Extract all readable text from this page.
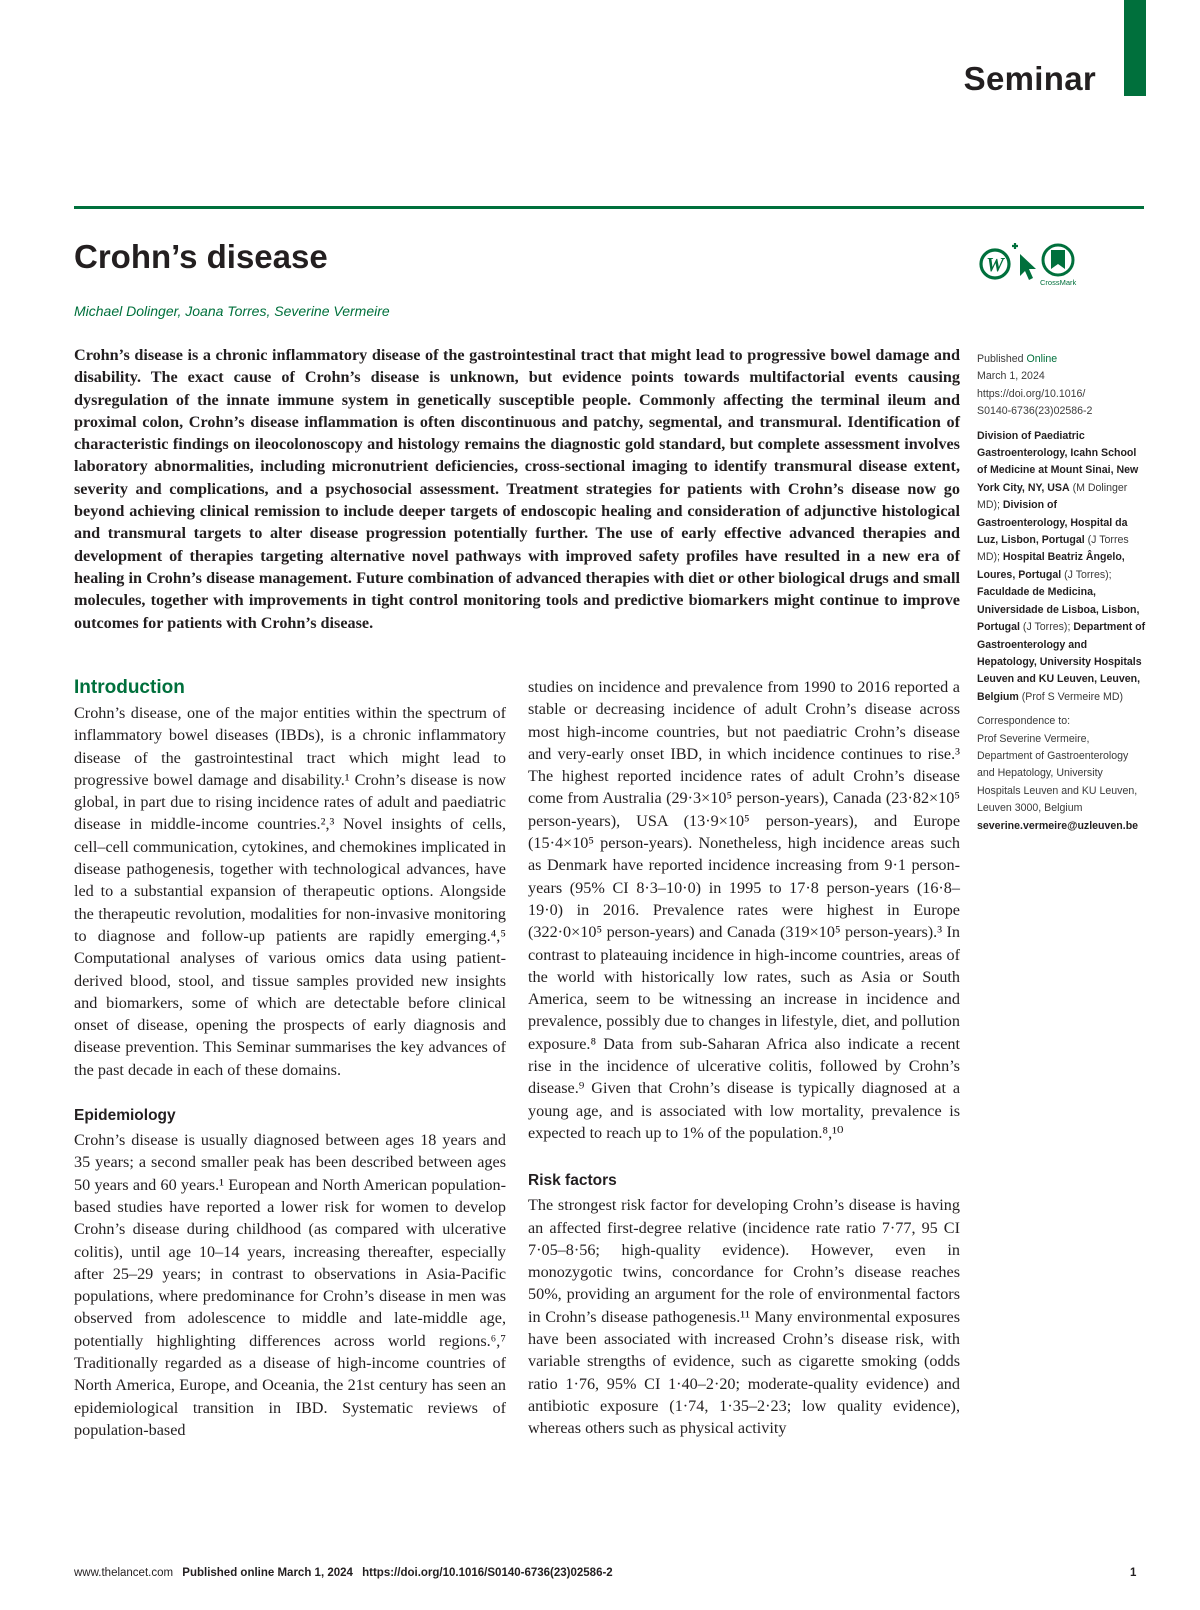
Seminar
Crohn’s disease	W
CrossMark
Michael Dolinger, Joana Torres, Severine Vermeire

Crohn’s disease is a chronic inflammatory disease of the gastrointestinal tract that might lead to progressive bowel damage and disability. The exact cause of Crohn’s disease is unknown, but evidence points towards multifactorial events causing dysregulation of the innate immune system in genetically susceptible people. Commonly affecting the terminal ileum and proximal colon, Crohn’s disease inflammation is often discontinuous and patchy, segmental, and transmural. Identification of characteristic findings on ileocolonoscopy and histology remains the diagnostic gold standard, but complete assessment involves laboratory abnormalities, including micronutrient deficiencies, cross-sectional imaging to identify transmural disease extent, severity and complications, and a psychosocial assessment. Treatment strategies for patients with Crohn’s disease now go beyond achieving clinical remission to include deeper targets of endoscopic healing and consideration of adjunctive histological and transmural targets to alter disease progression potentially further. The use of early effective advanced therapies and development of therapies targeting alternative novel pathways with improved safety profiles have resulted in a new era of healing in Crohn’s disease management. Future combination of advanced therapies with diet or other biological drugs and small molecules, together with improvements in tight control monitoring tools and predictive biomarkers might continue to improve outcomes for patients with Crohn’s disease.

Published Online
March 1, 2024
https://doi.org/10.1016/
S0140-6736(23)02586-2
Division of Paediatric Gastroenterology, Icahn School of Medicine at Mount Sinai, New York City, NY, USA (M Dolinger MD); Division of Gastroenterology, Hospital da Luz, Lisbon, Portugal (J Torres MD); Hospital Beatriz Ângelo, Loures, Portugal (J Torres); Faculdade de Medicina, Universidade de Lisboa, Lisbon, Portugal (J Torres); Department of Gastroenterology and Hepatology, University Hospitals Leuven and KU Leuven, Leuven, Belgium (Prof S Vermeire MD)
Correspondence to:
Prof Severine Vermeire,
Department of Gastroenterology and Hepatology, University Hospitals Leuven and KU Leuven, Leuven 3000, Belgium
severine.vermeire@uzleuven.be
Introduction

Crohn’s disease, one of the major entities within the spectrum of inflammatory bowel diseases (IBDs), is a chronic inflammatory disease of the gastrointestinal tract which might lead to progressive bowel damage and disability.¹ Crohn’s disease is now global, in part due to rising incidence rates of adult and paediatric disease in middle-income countries.²,³ Novel insights of cells, cell–cell communication, cytokines, and chemokines implicated in disease pathogenesis, together with technological advances, have led to a substantial expansion of therapeutic options. Alongside the therapeutic revolution, modalities for non-invasive monitoring to diagnose and follow-up patients are rapidly emerging.⁴,⁵ Computational analyses of various omics data using patient-derived blood, stool, and tissue samples provided new insights and biomarkers, some of which are detectable before clinical onset of disease, opening the prospects of early diagnosis and disease prevention. This Seminar summarises the key advances of the past decade in each of these domains.

Epidemiology

Crohn’s disease is usually diagnosed between ages 18 years and 35 years; a second smaller peak has been described between ages 50 years and 60 years.¹ European and North American population-based studies have reported a lower risk for women to develop Crohn’s disease during childhood (as compared with ulcerative colitis), until age 10–14 years, increasing thereafter, especially after 25–29 years; in contrast to observations in Asia-Pacific populations, where predominance for Crohn’s disease in men was observed from adolescence to middle and late-middle age, potentially highlighting differences across world regions.⁶,⁷ Traditionally regarded as a disease of high-income countries of North America, Europe, and Oceania, the 21st century has seen an epidemiological transition in IBD. Systematic reviews of population-based

studies on incidence and prevalence from 1990 to 2016 reported a stable or decreasing incidence of adult Crohn’s disease across most high-income countries, but not paediatric Crohn’s disease and very-early onset IBD, in which incidence continues to rise.³ The highest reported incidence rates of adult Crohn’s disease come from Australia (29·3×10⁵ person-years), Canada (23·82×10⁵ person-years), USA (13·9×10⁵ person-years), and Europe (15·4×10⁵ person-years). Nonetheless, high incidence areas such as Denmark have reported incidence increasing from 9·1 person-years (95% CI 8·3–10·0) in 1995 to 17·8 person-years (16·8–19·0) in 2016. Prevalence rates were highest in Europe (322·0×10⁵ person-years) and Canada (319×10⁵ person-years).³ In contrast to plateauing incidence in high-income countries, areas of the world with historically low rates, such as Asia or South America, seem to be witnessing an increase in incidence and prevalence, possibly due to changes in lifestyle, diet, and pollution exposure.⁸ Data from sub-Saharan Africa also indicate a recent rise in the incidence of ulcerative colitis, followed by Crohn’s disease.⁹ Given that Crohn’s disease is typically diagnosed at a young age, and is associated with low mortality, prevalence is expected to reach up to 1% of the population.⁸,¹⁰

Risk factors

The strongest risk factor for developing Crohn’s disease is having an affected first-degree relative (incidence rate ratio 7·77, 95 CI 7·05–8·56; high-quality evidence). However, even in monozygotic twins, concordance for Crohn’s disease reaches 50%, providing an argument for the role of environmental factors in Crohn’s disease pathogenesis.¹¹ Many environmental exposures have been associated with increased Crohn’s disease risk, with variable strengths of evidence, such as cigarette smoking (odds ratio 1·76, 95% CI 1·40–2·20; moderate-quality evidence) and antibiotic exposure (1·74, 1·35–2·23; low quality evidence), whereas others such as physical activity

www.thelancet.com Published online March 1, 2024 https://doi.org/10.1016/S0140-6736(23)02586-2	1
